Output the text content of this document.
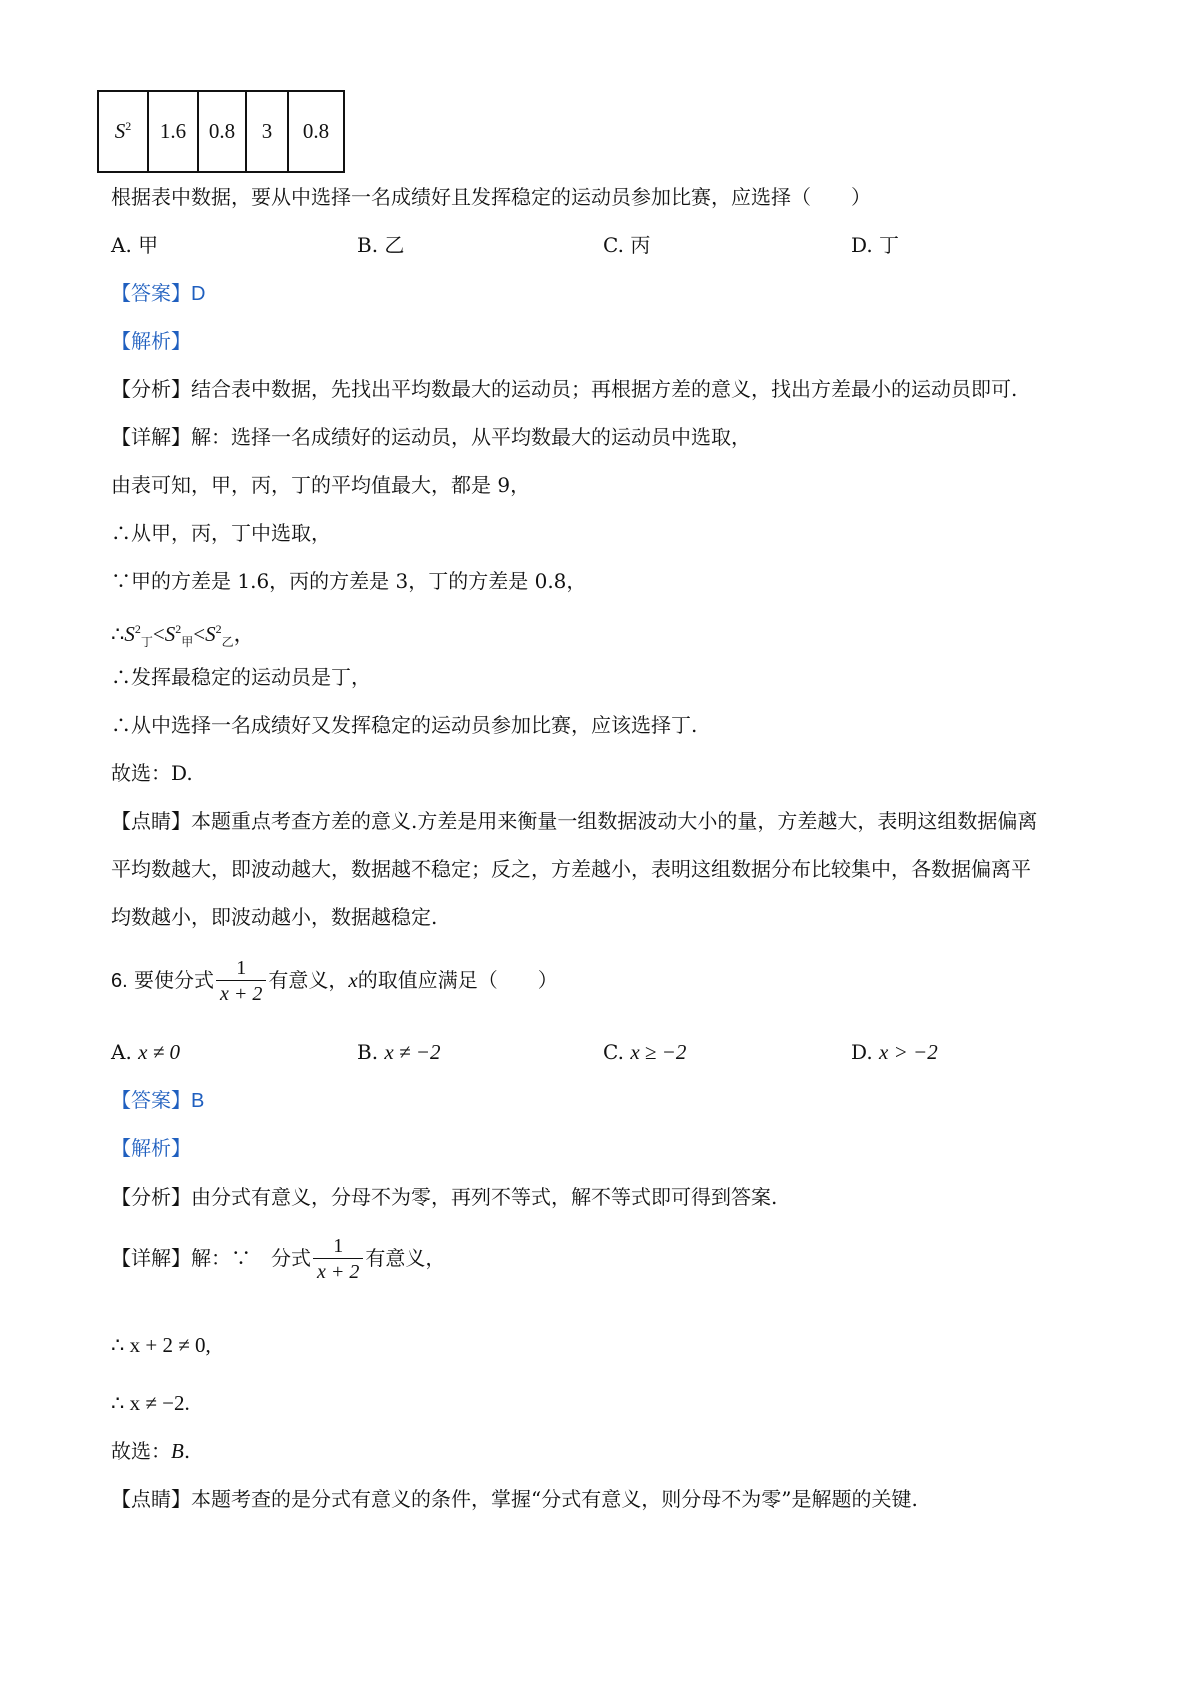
$S^2$	1.6	0.8	3	0.8
根据表中数据，要从中选择一名成绩好且发挥稳定的运动员参加比赛，应选择（　　）
A. 甲	B. 乙	C. 丙	D. 丁
【答案】D
【解析】
【分析】结合表中数据，先找出平均数最大的运动员；再根据方差的意义，找出方差最小的运动员即可.
【详解】解：选择一名成绩好的运动员，从平均数最大的运动员中选取，
由表可知，甲，丙，丁的平均值最大，都是 9，
∴从甲，丙，丁中选取，
∵甲的方差是 1.6，丙的方差是 3，丁的方差是 0.8，
$\therefore S^2_丁<S^2_甲<S^2_乙$，
∴发挥最稳定的运动员是丁，
∴从中选择一名成绩好又发挥稳定的运动员参加比赛，应该选择丁.
故选：D.
【点睛】本题重点考查方差的意义.方差是用来衡量一组数据波动大小的量，方差越大，表明这组数据偏离
平均数越大，即波动越大，数据越不稳定；反之，方差越小，表明这组数据分布比较集中，各数据偏离平
均数越小，即波动越小，数据越稳定.
6. 要使分式 $\frac{1}{x + 2}$ 有意义，x的取值应满足（　　）
A. x ≠ 0	B. x ≠ −2	C. x ≥ −2	D. x > −2
【答案】B
【解析】
【分析】由分式有意义，分母不为零，再列不等式，解不等式即可得到答案.
【详解】解：∵　分式 $\frac{1}{x + 2}$ 有意义，
∴ x + 2 ≠ 0,
∴ x ≠ −2.
故选：B.
【点睛】本题考查的是分式有意义的条件，掌握“分式有意义，则分母不为零”是解题的关键.
